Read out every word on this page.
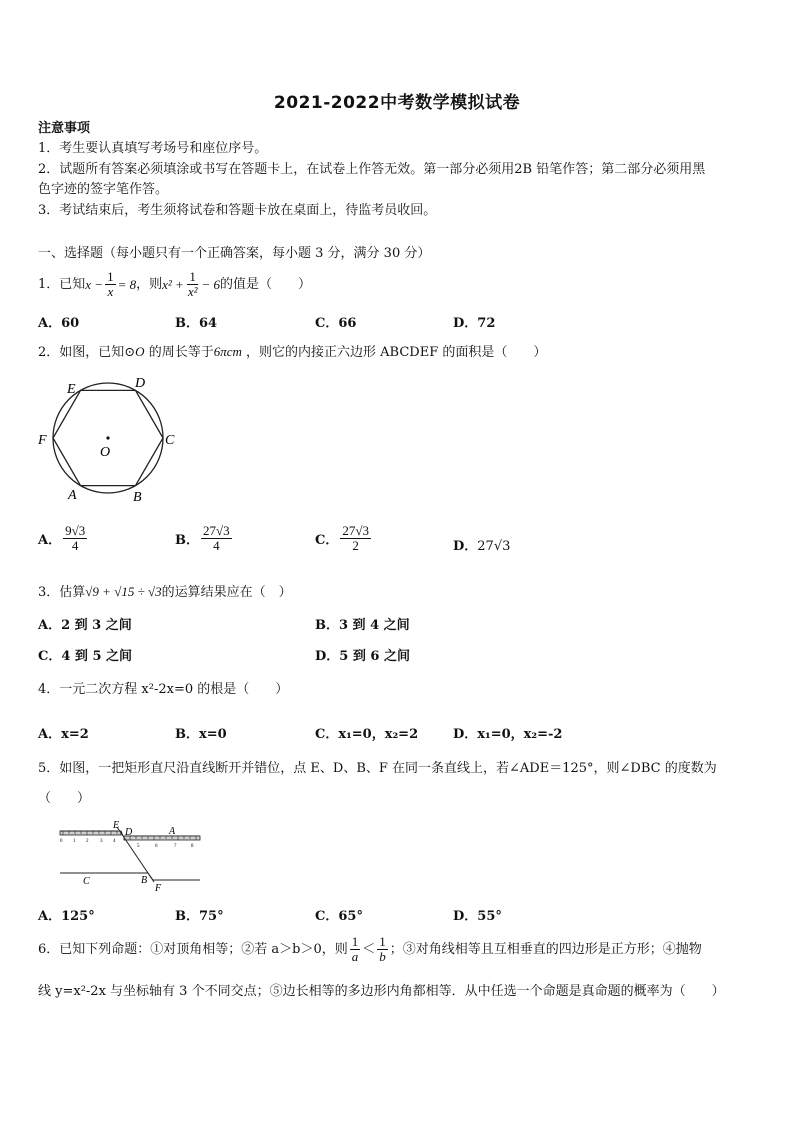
2021-2022中考数学模拟试卷
注意事项
1．考生要认真填写考场号和座位序号。
2．试题所有答案必须填涂或书写在答题卡上，在试卷上作答无效。第一部分必须用2B 铅笔作答；第二部分必须用黑
色字迹的签字笔作答。
3．考试结束后，考生须将试卷和答题卡放在桌面上，待监考员收回。
一、选择题（每小题只有一个正确答案，每小题 3 分，满分 30 分）
1．已知 $x - \frac{1}{x} = 8$ ，则 $x^2 + \frac{1}{\text{x²}} - 6$ 的值是（　　）
A．60	B．64	C．66	D．72
2．如图，已知⊙O 的周长等于6πcm ，则它的内接正六边形 ABCDEF 的面积是（　　）
E	D
F	C
O
A	B
A． $\frac{9√3}{4}$	B． $\frac{27√3}{4}$	C． $\frac{27√3}{2}$	D．27√3
3．估算√9 + √15 ÷ √3的运算结果应在（　）
A．2 到 3 之间	B．3 到 4 之间
C．4 到 5 之间	D．5 到 6 之间
4．一元二次方程 x²-2x=0 的根是（　　）
A．x=2	B．x=0	C．x₁=0，x₂=2	D．x₁=0，x₂=-2
5．如图，一把矩形直尺沿直线断开并错位，点 E、D、B、F 在同一条直线上，若∠ADE＝125°，则∠DBC 的度数为
（　　）
0 1 2 3 4
5	6	7	8
E
D	A
C	B
F
A．125°	B．75°	C．65°	D．55°
6．已知下列命题：①对顶角相等；②若 a＞b＞0，则 $\frac{1}{a} < \frac{1}{b}$ ；③对角线相等且互相垂直的四边形是正方形；④抛物
线 y=x²-2x 与坐标轴有 3 个不同交点；⑤边长相等的多边形内角都相等．从中任选一个命题是真命题的概率为（　　）
